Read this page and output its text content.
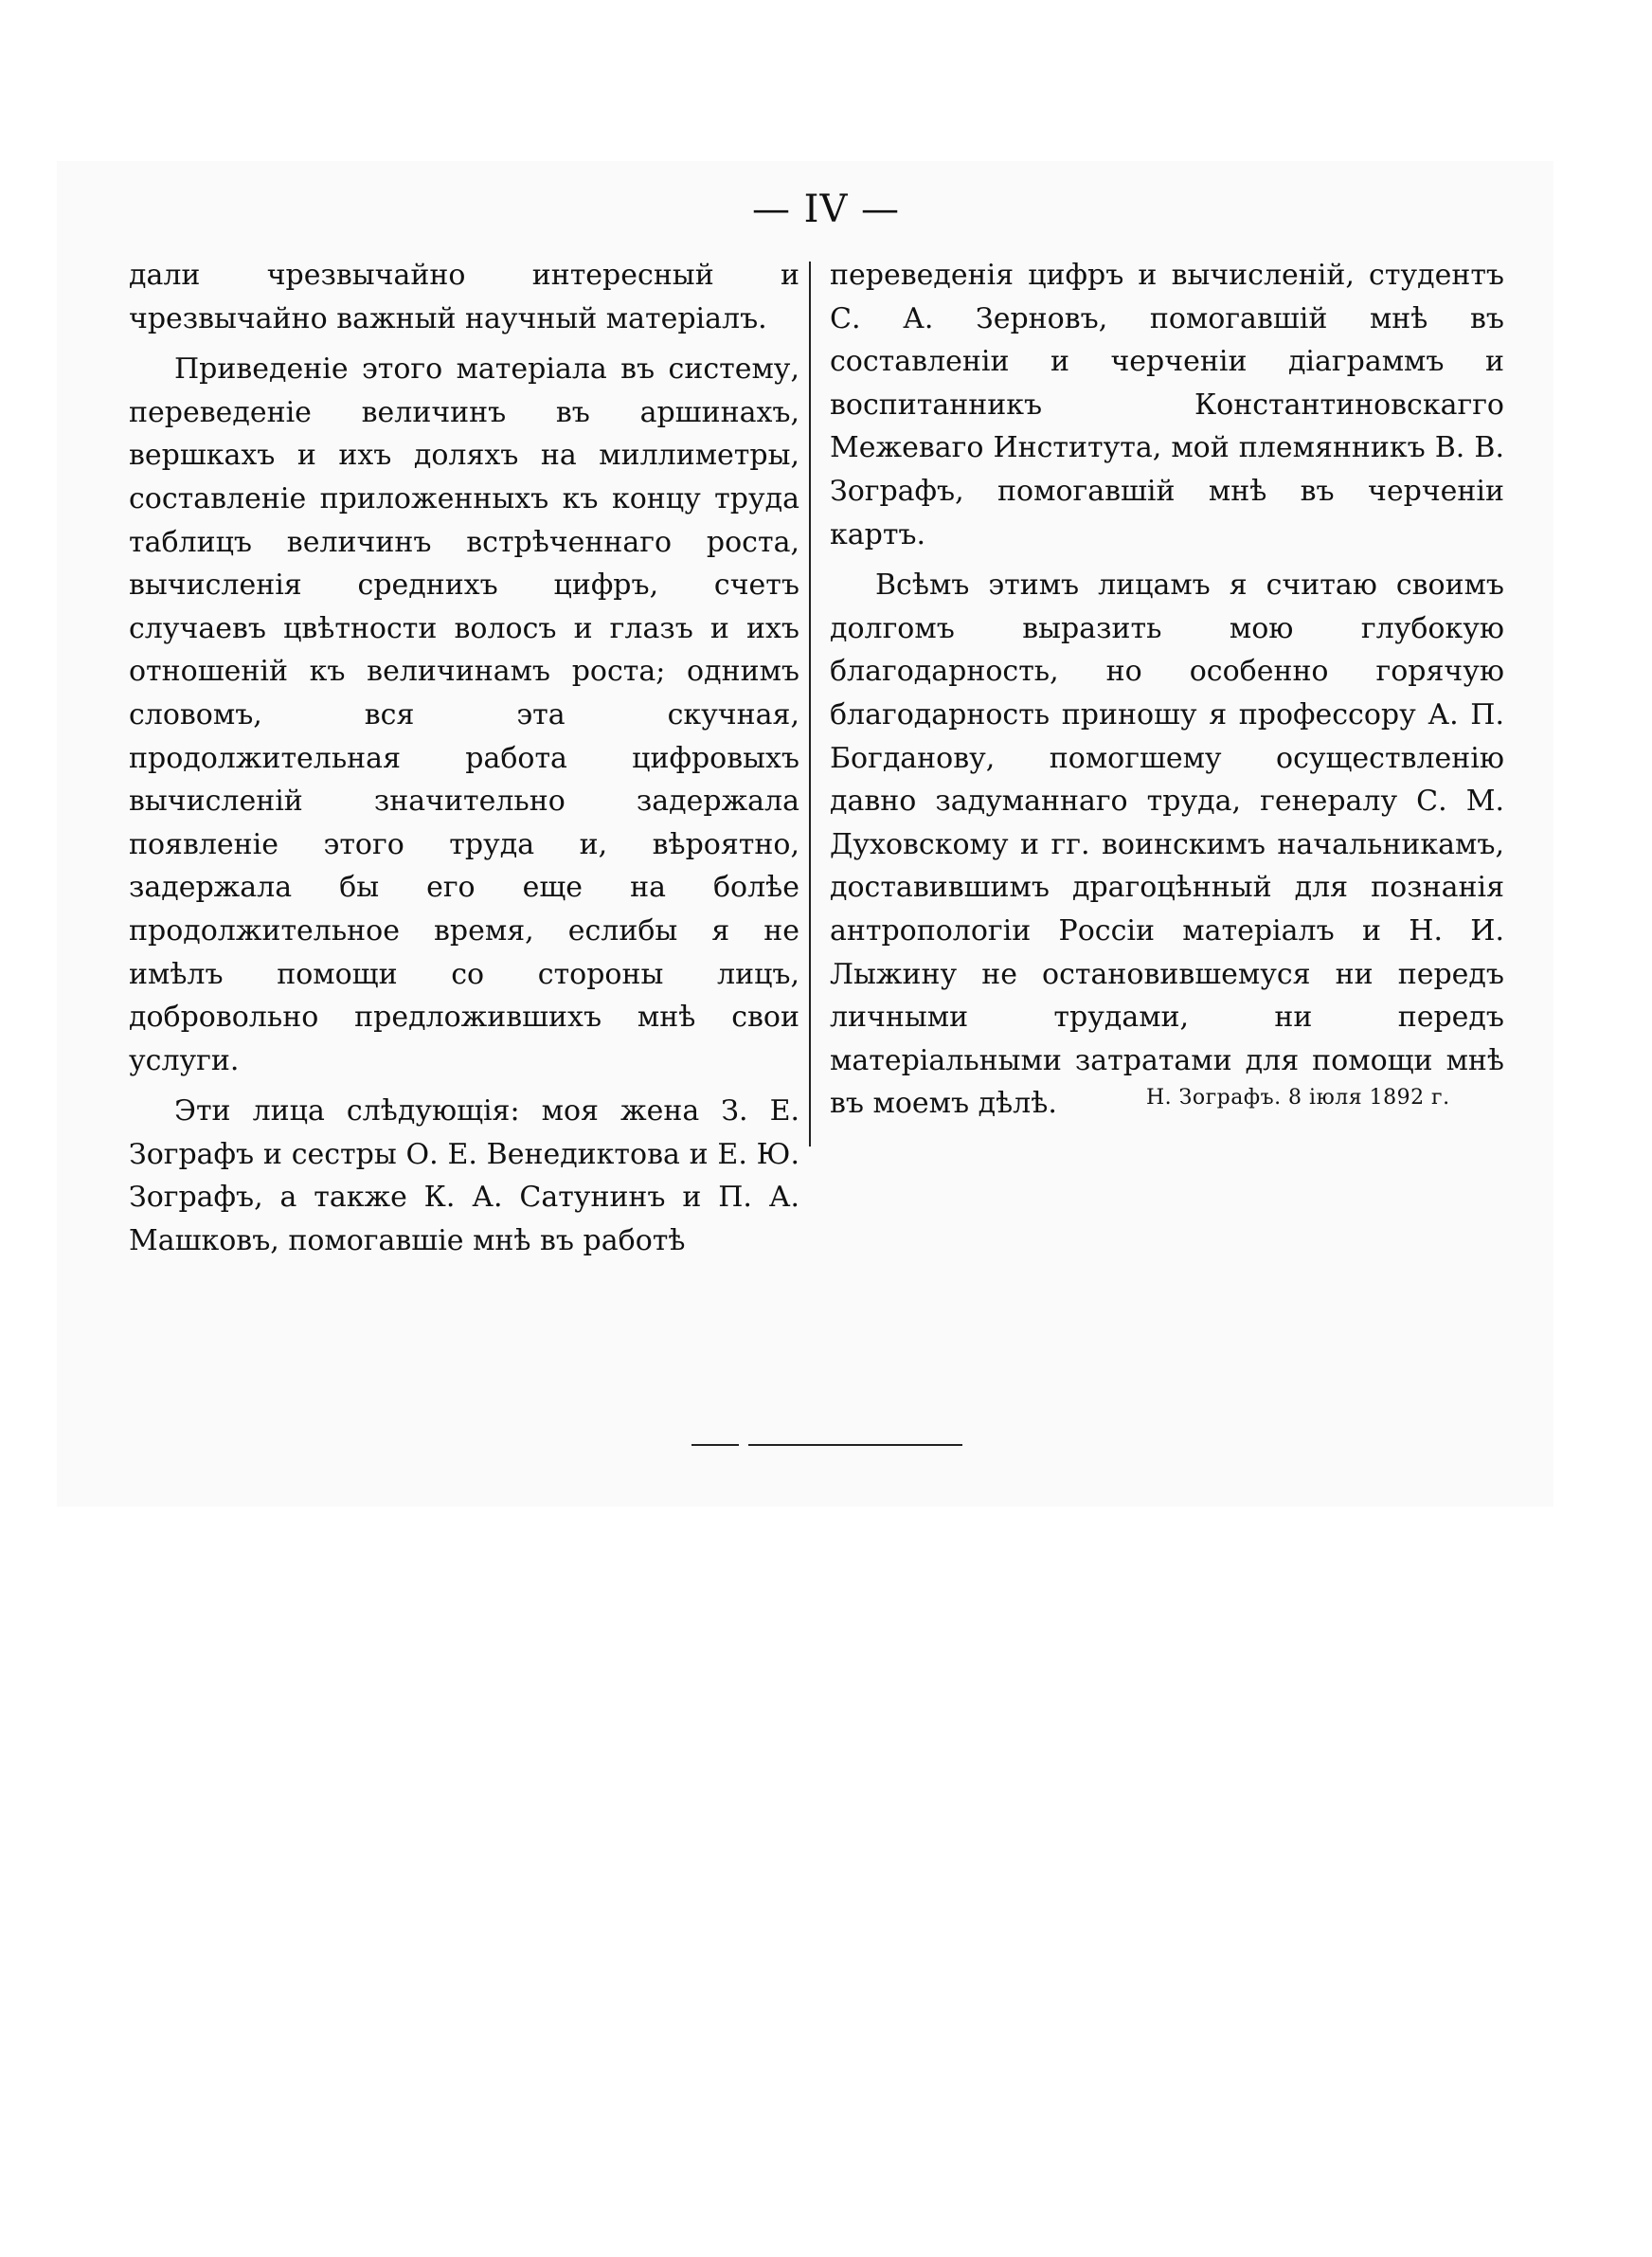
— IV —

дали чрезвычайно интересный и чрезвычайно важный научный матеріалъ.

Приведеніе этого матеріала въ систему, переведеніе величинъ въ аршинахъ, вершкахъ и ихъ доляхъ на миллиметры, составленіе приложенныхъ къ концу труда таблицъ величинъ встрѣченнаго роста, вычисленія среднихъ цифръ, счетъ случаевъ цвѣтности волосъ и глазъ и ихъ отношеній къ величинамъ роста; однимъ словомъ, вся эта скучная, продолжительная работа цифровыхъ вычисленій значительно задержала появленіе этого труда и, вѣроятно, задержала бы его еще на болѣе продолжительное время, еслибы я не имѣлъ помощи со стороны лицъ, добровольно предложившихъ мнѣ свои услуги.

Эти лица слѣдующія: моя жена З. Е. Зографъ и сестры О. Е. Венедиктова и Е. Ю. Зографъ, а также К. А. Сатунинъ и П. А. Машковъ, помогавшіе мнѣ въ работѣ

переведенія цифръ и вычисленій, студентъ С. А. Зерновъ, помогавшій мнѣ въ составленіи и черченіи діаграммъ и воспитанникъ Константиновскагго Межеваго Института, мой племянникъ В. В. Зографъ, помогавшій мнѣ въ черченіи картъ.

Всѣмъ этимъ лицамъ я считаю своимъ долгомъ выразить мою глубокую благодарность, но особенно горячую благодарность приношу я профессору А. П. Богданову, помогшему осуществленію давно задуманнаго труда, генералу С. М. Духовскому и гг. воинскимъ начальникамъ, доставившимъ драгоцѣнный для познанія антропологіи Россіи матеріалъ и Н. И. Лыжину не остановившемуся ни передъ личными трудами, ни передъ матеріальными затратами для помощи мнѣ въ моемъ дѣлѣ.	Н. Зографъ. 8 іюля 1892 г.
